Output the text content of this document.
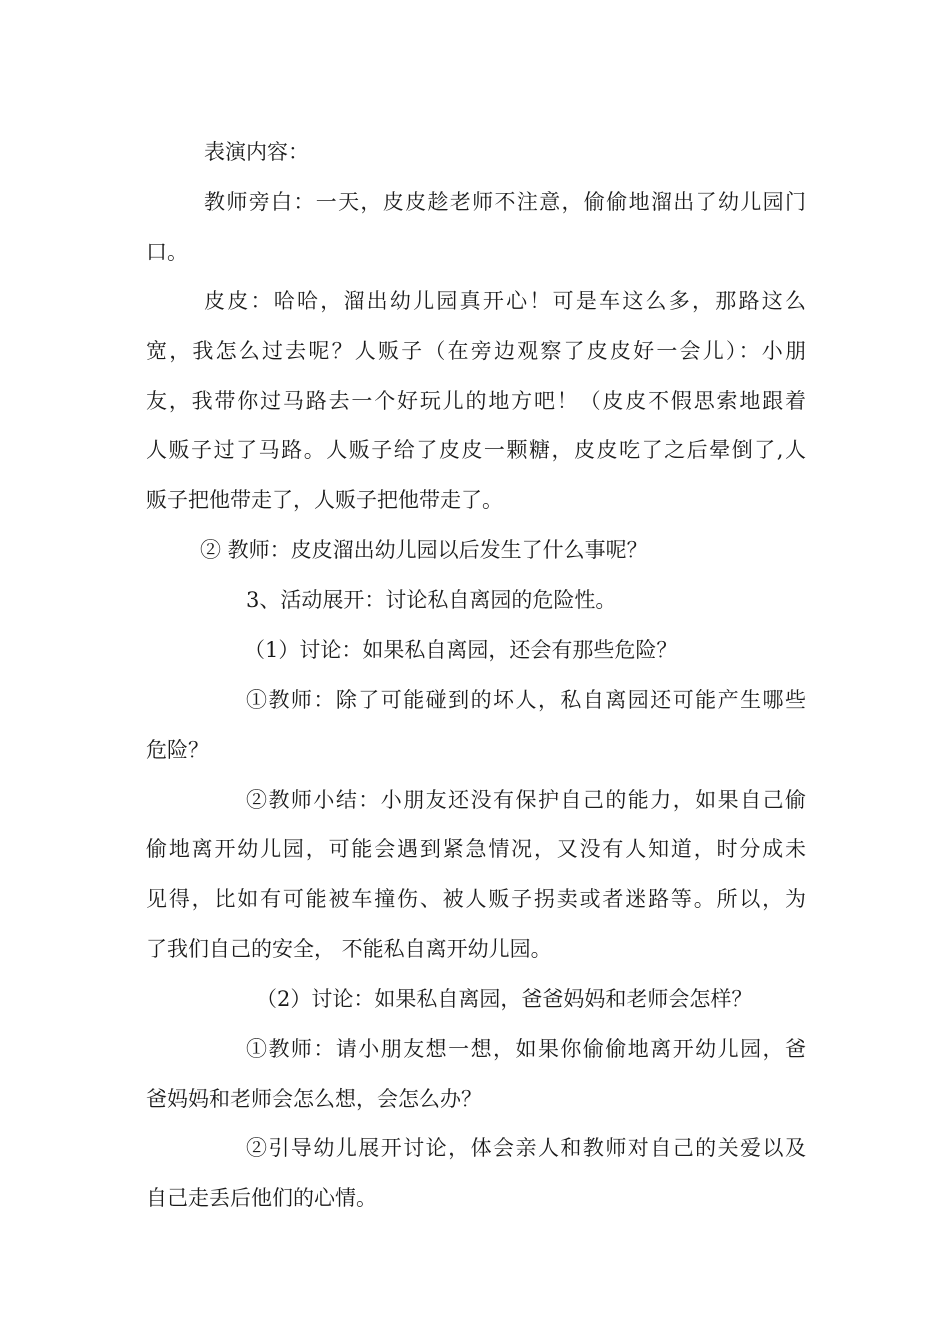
表演内容：
教师旁白：一天，皮皮趁老师不注意，偷偷地溜出了幼儿园门
口。
皮皮：哈哈，溜出幼儿园真开心！可是车这么多，那路这么
宽，我怎么过去呢？人贩子（在旁边观察了皮皮好一会儿）：小朋
友，我带你过马路去一个好玩儿的地方吧！（皮皮不假思索地跟着
人贩子过了马路。人贩子给了皮皮一颗糖，皮皮吃了之后晕倒了,人
贩子把他带走了，人贩子把他带走了。
② 教师：皮皮溜出幼儿园以后发生了什么事呢？
3、活动展开：讨论私自离园的危险性。
（1）讨论：如果私自离园，还会有那些危险？
①教师：除了可能碰到的坏人，私自离园还可能产生哪些
危险？
②教师小结：小朋友还没有保护自己的能力，如果自己偷
偷地离开幼儿园，可能会遇到紧急情况，又没有人知道，时分成未
见得，比如有可能被车撞伤、被人贩子拐卖或者迷路等。所以，为
了我们自己的安全， 不能私自离开幼儿园。
（2）讨论：如果私自离园，爸爸妈妈和老师会怎样？
①教师：请小朋友想一想，如果你偷偷地离开幼儿园，爸
爸妈妈和老师会怎么想，会怎么办？
②引导幼儿展开讨论，体会亲人和教师对自己的关爱以及
自己走丢后他们的心情。
